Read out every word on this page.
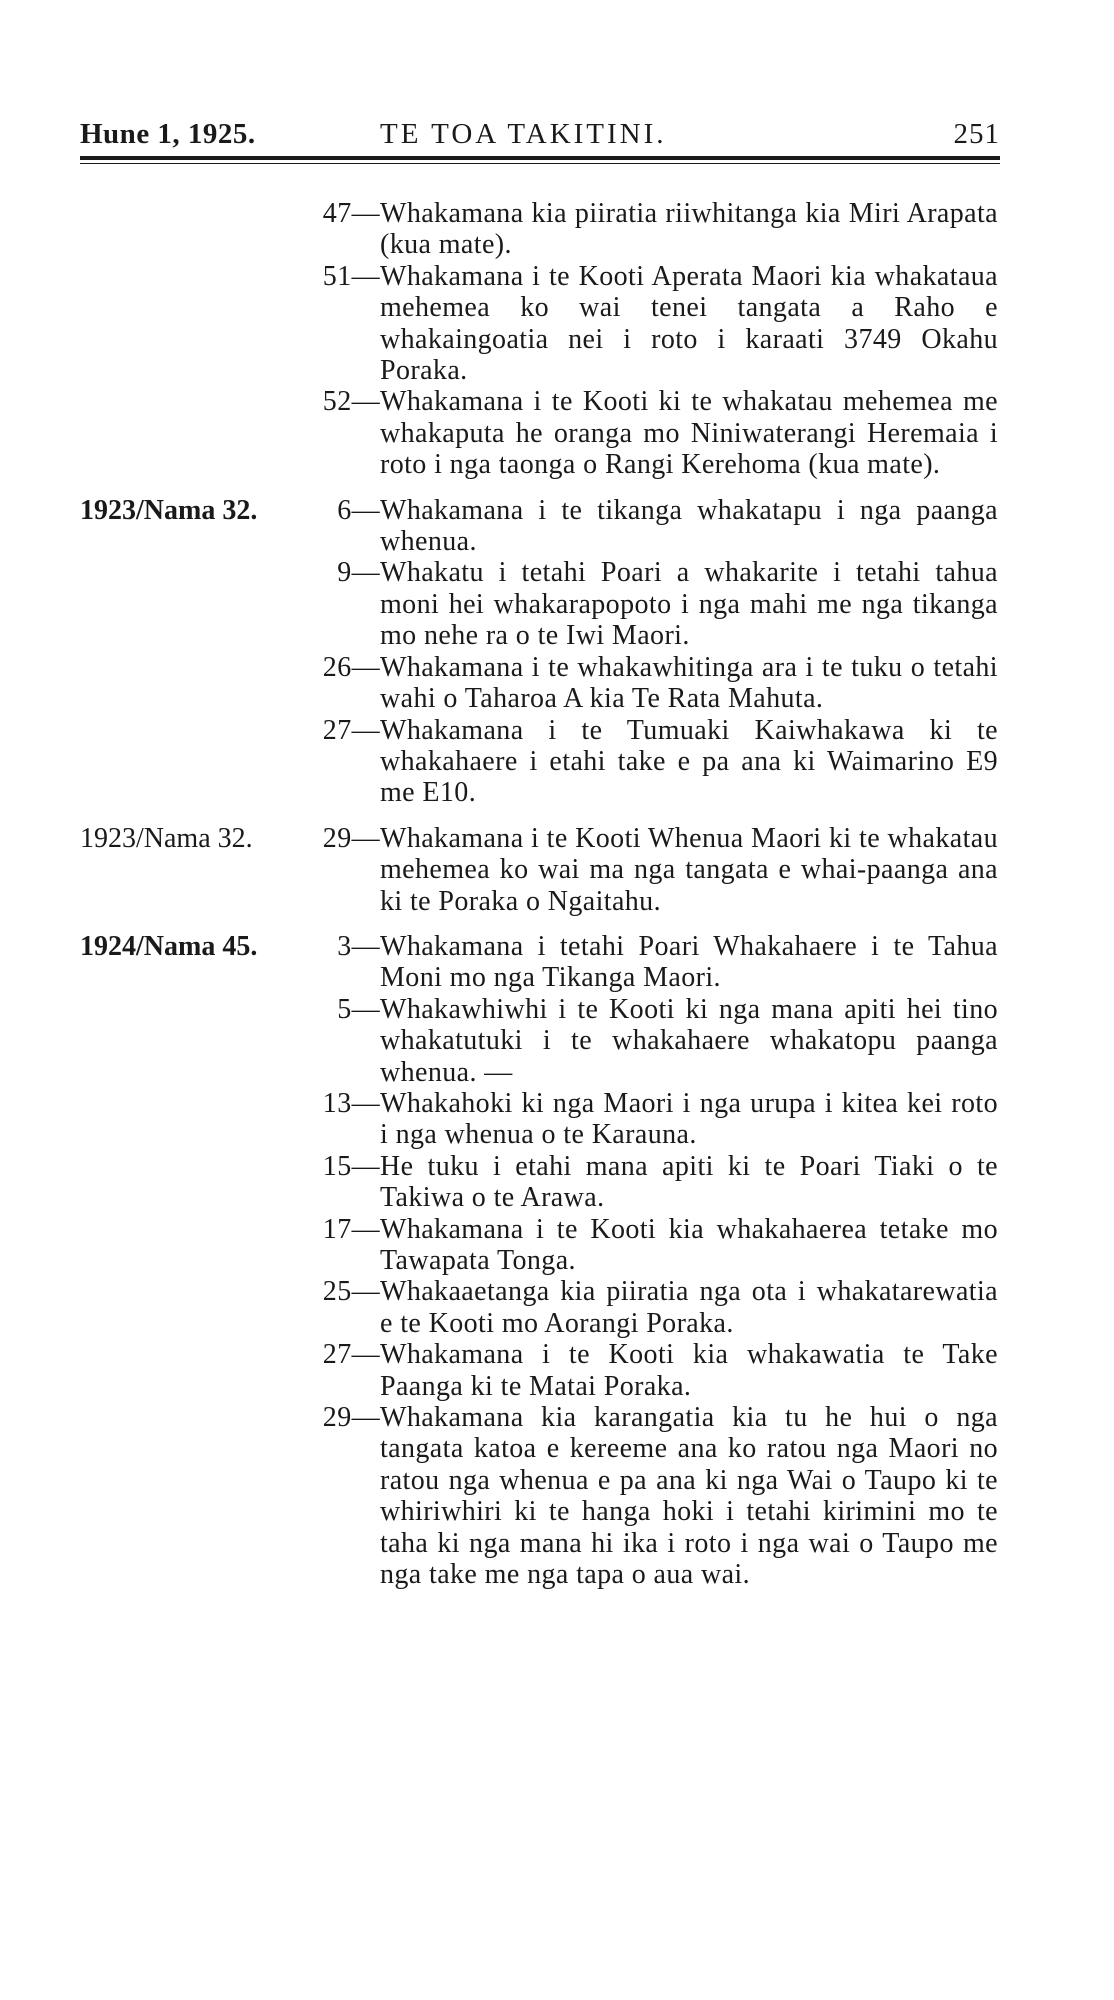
Hune 1, 1925.	TE TOA TAKITINI.	251
47— Whakamana kia piiratia riiwhitanga kia Miri Arapata (kua mate).
51— Whakamana i te Kooti Aperata Maori kia whakataua mehemea ko wai tenei tangata a Raho e whakaingoatia nei i roto i karaati 3749 Okahu Poraka.
52— Whakamana i te Kooti ki te whakatau mehemea me whakaputa he oranga mo Niniwaterangi Heremaia i roto i nga taonga o Rangi Kerehoma (kua mate).
1923/Nama 32.	6— Whakamana i te tikanga whakatapu i nga paanga whenua.
9— Whakatu i tetahi Poari a whakarite i tetahi tahua moni hei whakarapopoto i nga mahi me nga tikanga mo nehe ra o te Iwi Maori.
26— Whakamana i te whakawhitinga ara i te tuku o tetahi wahi o Taharoa A kia Te Rata Mahuta.
27— Whakamana i te Tumuaki Kaiwhakawa ki te whakahaere i etahi take e pa ana ki Waimarino E9 me E10.
1923/Nama 32.	29— Whakamana i te Kooti Whenua Maori ki te whakatau mehemea ko wai ma nga tangata e whai-paanga ana ki te Poraka o Ngaitahu.
1924/Nama 45.	3— Whakamana i tetahi Poari Whakahaere i te Tahua Moni mo nga Tikanga Maori.
5— Whakawhiwhi i te Kooti ki nga mana apiti hei tino whakatutuki i te whakahaere whakatopu paanga whenua. —
13— Whakahoki ki nga Maori i nga urupa i kitea kei roto i nga whenua o te Karauna.
15— He tuku i etahi mana apiti ki te Poari Tiaki o te Takiwa o te Arawa.
17— Whakamana i te Kooti kia whakahaerea tetake mo Tawapata Tonga.
25— Whakaaetanga kia piiratia nga ota i whakatarewatia e te Kooti mo Aorangi Poraka.
27— Whakamana i te Kooti kia whakawatia te Take Paanga ki te Matai Poraka.
29— Whakamana kia karangatia kia tu he hui o nga tangata katoa e kereeme ana ko ratou nga Maori no ratou nga whenua e pa ana ki nga Wai o Taupo ki te whiriwhiri ki te hanga hoki i tetahi kirimini mo te taha ki nga mana hi ika i roto i nga wai o Taupo me nga take me nga tapa o aua wai.
